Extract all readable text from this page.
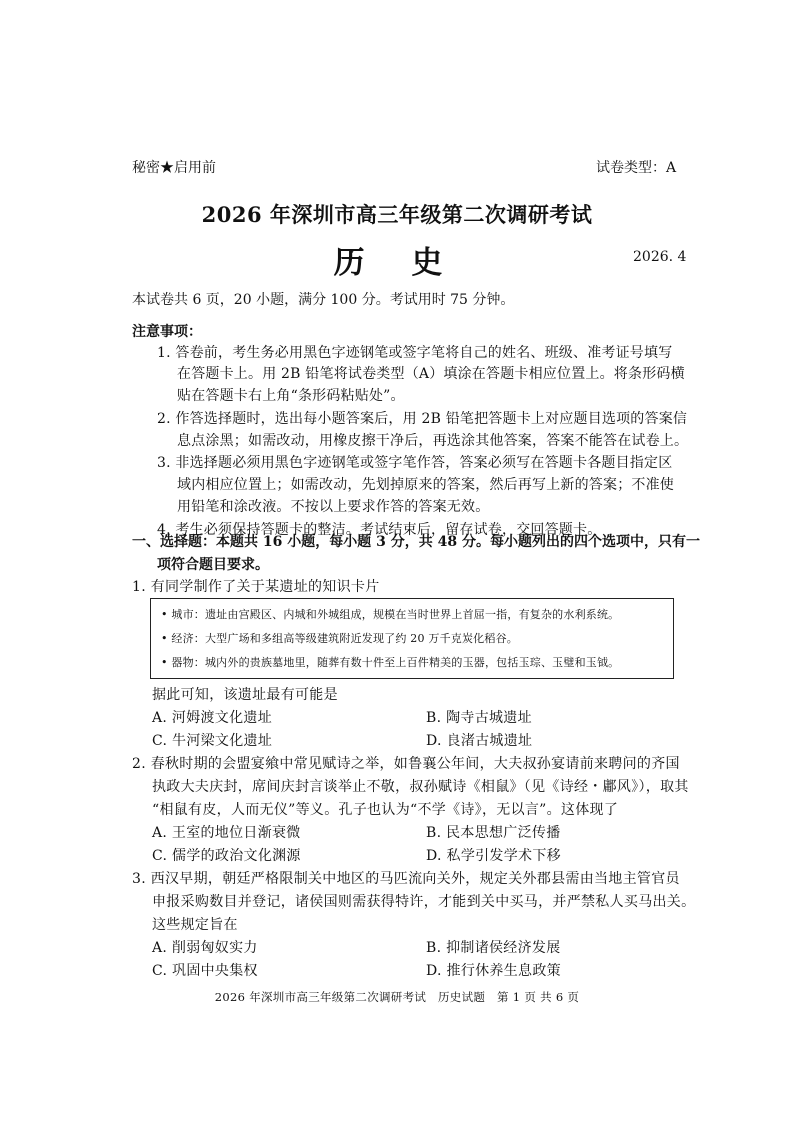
秘密★启用前	试卷类型：A
2026 年深圳市高三年级第二次调研考试
历 史	2026. 4
本试卷共 6 页，20 小题，满分 100 分。考试用时 75 分钟。
注意事项：
1. 答卷前，考生务必用黑色字迹钢笔或签字笔将自己的姓名、班级、准考证号填写
在答题卡上。用 2B 铅笔将试卷类型（A）填涂在答题卡相应位置上。将条形码横
贴在答题卡右上角“条形码粘贴处”。
2. 作答选择题时，选出每小题答案后，用 2B 铅笔把答题卡上对应题目选项的答案信
息点涂黑；如需改动，用橡皮擦干净后，再选涂其他答案，答案不能答在试卷上。
3. 非选择题必须用黑色字迹钢笔或签字笔作答，答案必须写在答题卡各题目指定区
域内相应位置上；如需改动，先划掉原来的答案，然后再写上新的答案；不准使
用铅笔和涂改液。不按以上要求作答的答案无效。
4. 考生必须保持答题卡的整洁。考试结束后，留存试卷，交回答题卡。
一、选择题：本题共 16 小题，每小题 3 分，共 48 分。每小题列出的四个选项中，只有一
项符合题目要求。
1. 有同学制作了关于某遗址的知识卡片
• 城市：遗址由宫殿区、内城和外城组成，规模在当时世界上首屈一指，有复杂的水利系统。
• 经济：大型广场和多组高等级建筑附近发现了约 20 万千克炭化稻谷。
• 器物：城内外的贵族墓地里，随葬有数十件至上百件精美的玉器，包括玉琮、玉璧和玉钺。
据此可知，该遗址最有可能是
A. 河姆渡文化遗址	B. 陶寺古城遗址
C. 牛河梁文化遗址	D. 良渚古城遗址
2. 春秋时期的会盟宴飨中常见赋诗之举，如鲁襄公年间，大夫叔孙宴请前来聘问的齐国
执政大夫庆封，席间庆封言谈举止不敬，叔孙赋诗《相鼠》（见《诗经・鄘风》），取其
“相鼠有皮，人而无仪”等义。孔子也认为“不学《诗》，无以言”。这体现了
A. 王室的地位日渐衰微	B. 民本思想广泛传播
C. 儒学的政治文化渊源	D. 私学引发学术下移
3. 西汉早期，朝廷严格限制关中地区的马匹流向关外，规定关外郡县需由当地主管官员
申报采购数目并登记，诸侯国则需获得特许，才能到关中买马，并严禁私人买马出关。
这些规定旨在
A. 削弱匈奴实力	B. 抑制诸侯经济发展
C. 巩固中央集权	D. 推行休养生息政策
2026 年深圳市高三年级第二次调研考试　历史试题　第 1 页 共 6 页
